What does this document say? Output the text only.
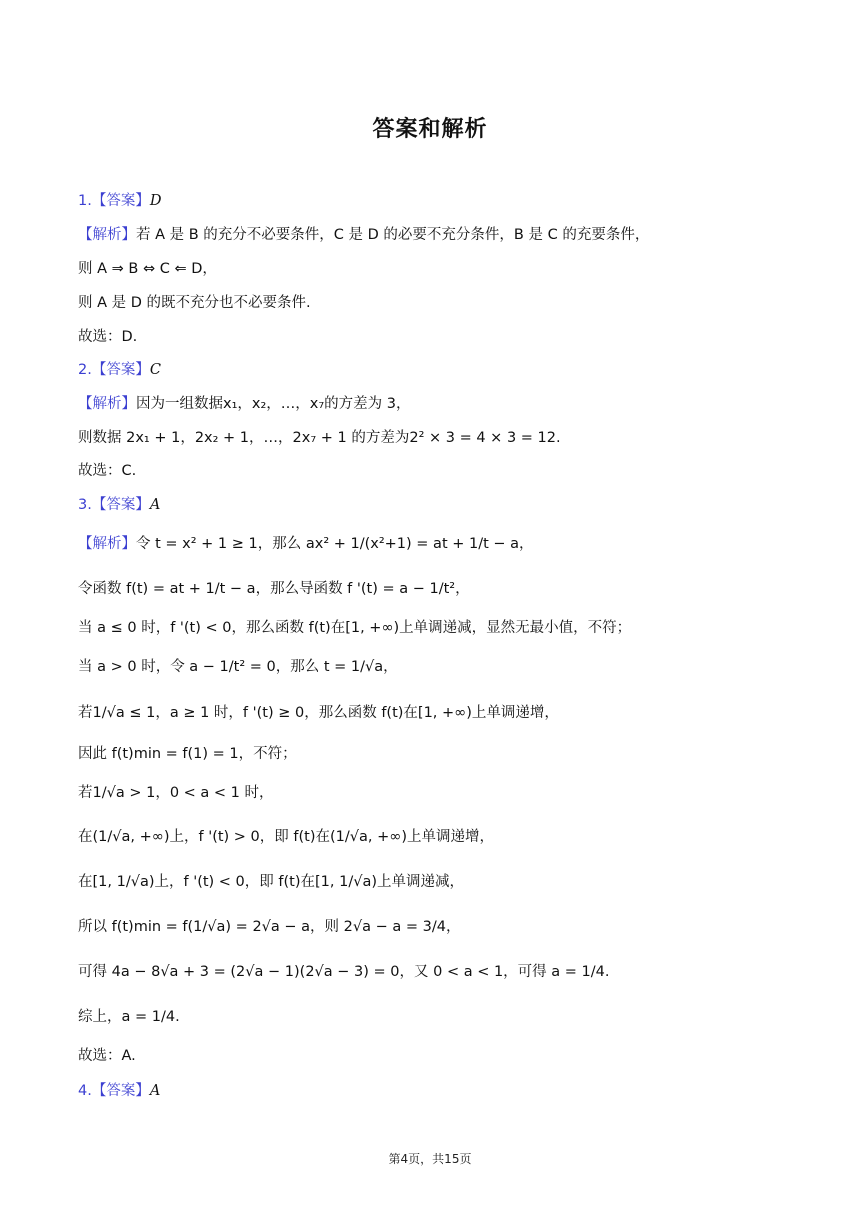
答案和解析
1.【答案】D
【解析】若 A 是 B 的充分不必要条件，C 是 D 的必要不充分条件，B 是 C 的充要条件，
则 A ⇒ B ⇔ C ⇐ D，
则 A 是 D 的既不充分也不必要条件.
故选：D.
2.【答案】C
【解析】因为一组数据x₁，x₂，…，x₇的方差为 3，
则数据 2x₁ + 1，2x₂ + 1，…，2x₇ + 1 的方差为2² × 3 = 4 × 3 = 12.
故选：C.
3.【答案】A
【解析】令 t = x² + 1 ≥ 1，那么 ax² + 1/(x²+1) = at + 1/t − a，
令函数 f(t) = at + 1/t − a，那么导函数 f '(t) = a − 1/t²，
当 a ≤ 0 时，f '(t) < 0，那么函数 f(t)在[1, +∞)上单调递减，显然无最小值，不符；
当 a > 0 时，令 a − 1/t² = 0，那么 t = 1/√a，
若1/√a ≤ 1，a ≥ 1 时，f '(t) ≥ 0，那么函数 f(t)在[1, +∞)上单调递增，
因此 f(t)min = f(1) = 1，不符；
若1/√a > 1，0 < a < 1 时，
在(1/√a, +∞)上，f '(t) > 0，即 f(t)在(1/√a, +∞)上单调递增，
在[1, 1/√a)上，f '(t) < 0，即 f(t)在[1, 1/√a)上单调递减，
所以 f(t)min = f(1/√a) = 2√a − a，则 2√a − a = 3/4，
可得 4a − 8√a + 3 = (2√a − 1)(2√a − 3) = 0，又 0 < a < 1，可得 a = 1/4.
综上，a = 1/4.
故选：A.
4.【答案】A
第4页，共15页
